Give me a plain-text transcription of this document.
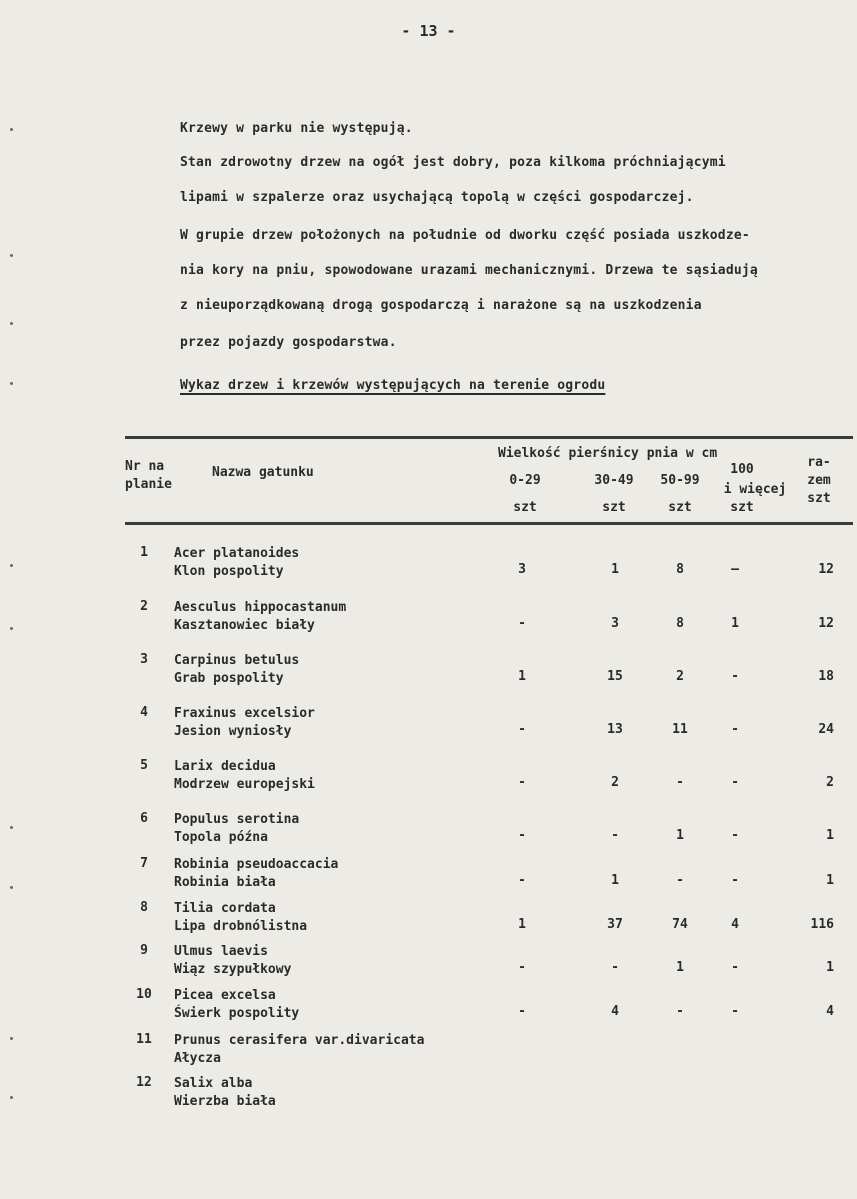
- 13 -
Krzewy w parku nie występują.
Stan zdrowotny drzew na ogół jest dobry, poza kilkoma próchniającymi
lipami w szpalerze oraz usychającą topolą w części gospodarczej.
W grupie drzew położonych na południe od dworku część posiada uszkodze-
nia kory na pniu, spowodowane urazami mechanicznymi. Drzewa te sąsiadują
z nieuporządkowaną drogą gospodarczą i narażone są na uszkodzenia
przez pojazdy gospodarstwa.
Wykaz drzew i krzewów występujących na terenie ogrodu
Nr na
planie
Nazwa gatunku
Wielkość pierśnicy pnia w cm
0-29	30-49	50-99
100
i więcej
ra-
zem
szt
szt	szt	szt	szt
1	Acer platanoides
Klon pospolity	3	1	8	–	12
2	Aesculus hippocastanum
Kasztanowiec biały	-	3	8	1	12
3	Carpinus betulus
Grab pospolity	1	15	2	-	18
4	Fraxinus excelsior
Jesion wyniosły	-	13	11	-	24
5	Larix decidua
Modrzew europejski	-	2	-	-	2
6	Populus serotina
Topola późna	-	-	1	-	1
7	Robinia pseudoaccacia
Robinia biała	-	1	-	-	1
8	Tilia cordata
Lipa drobnólistna	1	37	74	4	116
9	Ulmus laevis
Wiąz szypułkowy	-	-	1	-	1
10	Picea excelsa
Świerk pospolity	-	4	-	-	4
11	Prunus cerasifera var.divaricata
Ałycza
12	Salix alba
Wierzba biała
